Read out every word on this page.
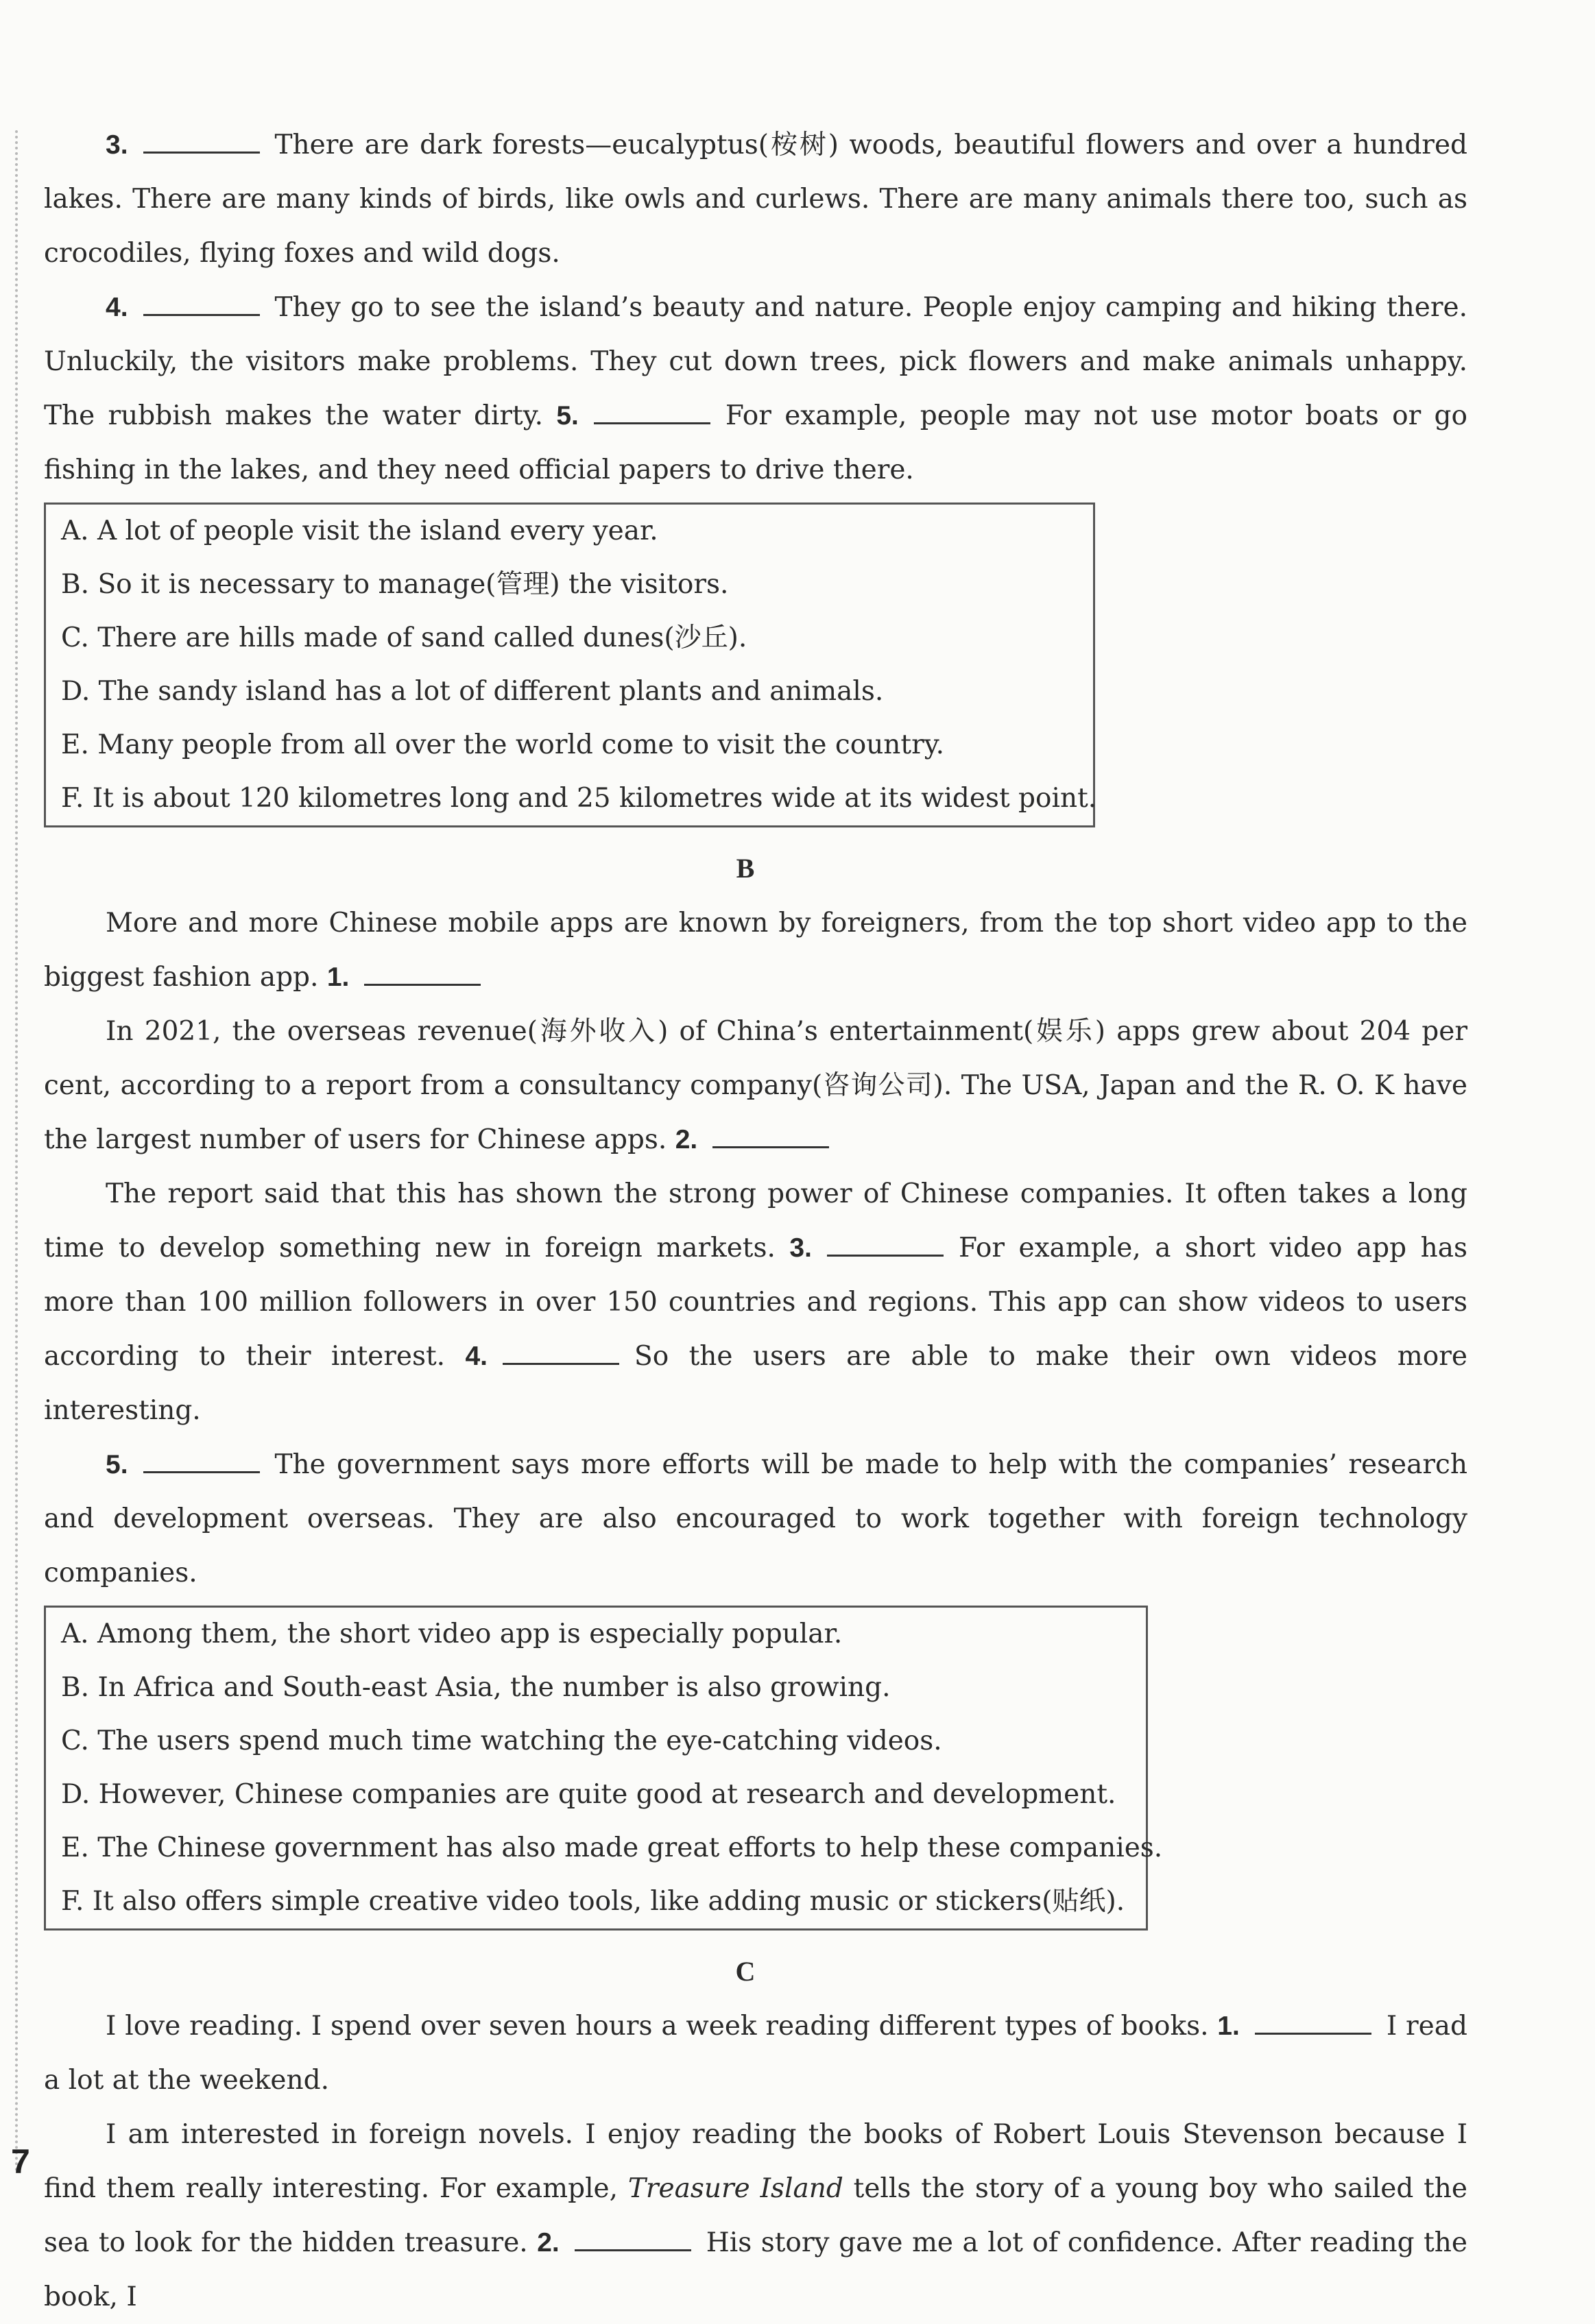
3.	There are dark forests—eucalyptus(桉树) woods, beautiful flowers and over a hundred lakes. There are many kinds of birds, like owls and curlews. There are many animals there too, such as crocodiles, flying foxes and wild dogs.

4.	They go to see the island’s beauty and nature. People enjoy camping and hiking there. Unluckily, the visitors make problems. They cut down trees, pick flowers and make animals unhappy. The rubbish makes the water dirty. 5.	For example, people may not use motor boats or go fishing in the lakes, and they need official papers to drive there.

A. A lot of people visit the island every year.

B. So it is necessary to manage(管理) the visitors.

C. There are hills made of sand called dunes(沙丘).

D. The sandy island has a lot of different plants and animals.

E. Many people from all over the world come to visit the country.

F. It is about 120 kilometres long and 25 kilometres wide at its widest point.

B

More and more Chinese mobile apps are known by foreigners, from the top short video app to the biggest fashion app. 1.

In 2021, the overseas revenue(海外收入) of China’s entertainment(娱乐) apps grew about 204 per cent, according to a report from a consultancy company(咨询公司). The USA, Japan and the R. O. K have the largest number of users for Chinese apps. 2.

The report said that this has shown the strong power of Chinese companies. It often takes a long time to develop something new in foreign markets. 3.	For example, a short video app has more than 100 million followers in over 150 countries and regions. This app can show videos to users according to their interest. 4.	So the users are able to make their own videos more interesting.

5.	The government says more efforts will be made to help with the companies’ research and development overseas. They are also encouraged to work together with foreign technology companies.

A. Among them, the short video app is especially popular.

B. In Africa and South-east Asia, the number is also growing.

C. The users spend much time watching the eye-catching videos.

D. However, Chinese companies are quite good at research and development.

E. The Chinese government has also made great efforts to help these companies.

F. It also offers simple creative video tools, like adding music or stickers(贴纸).

C

I love reading. I spend over seven hours a week reading different types of books. 1.	I read a lot at the weekend.

I am interested in foreign novels. I enjoy reading the books of Robert Louis Stevenson because I find them really interesting. For example, Treasure Island tells the story of a young boy who sailed the sea to look for the hidden treasure. 2.	His story gave me a lot of confidence. After reading the book, I

7
